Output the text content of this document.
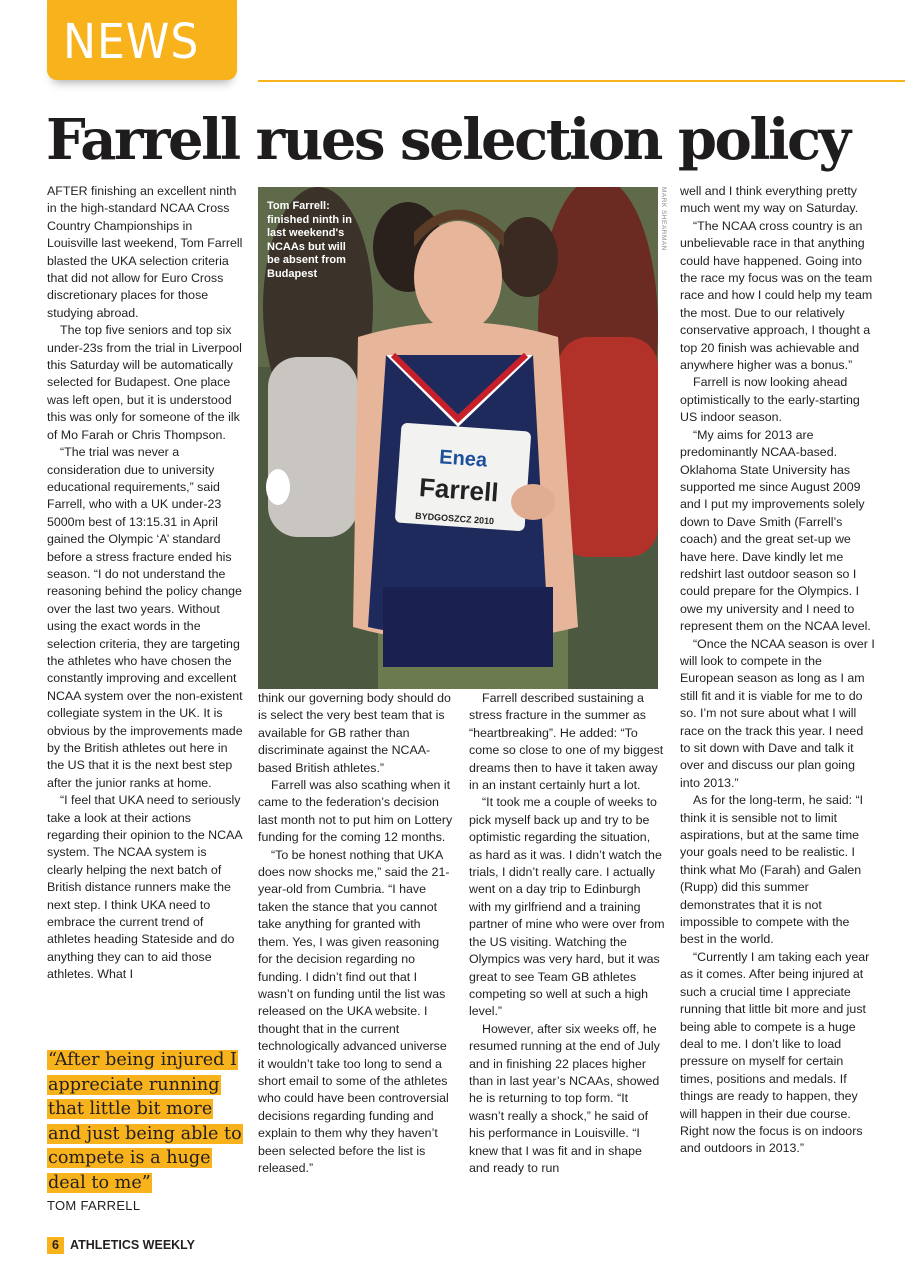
NEWS
Farrell rues selection policy

AFTER finishing an excellent ninth in the high-standard NCAA Cross Country Championships in Louisville last weekend, Tom Farrell blasted the UKA selection criteria that did not allow for Euro Cross discretionary places for those studying abroad.

The top five seniors and top six under-23s from the trial in Liverpool this Saturday will be automatically selected for Budapest. One place was left open, but it is understood this was only for someone of the ilk of Mo Farah or Chris Thompson.

“The trial was never a consideration due to university educational requirements,” said Farrell, who with a UK under-23 5000m best of 13:15.31 in April gained the Olympic ‘A’ standard before a stress fracture ended his season. “I do not understand the reasoning behind the policy change over the last two years. Without using the exact words in the selection criteria, they are targeting the athletes who have chosen the constantly improving and excellent NCAA system over the non-existent collegiate system in the UK. It is obvious by the improvements made by the British athletes out here in the US that it is the next best step after the junior ranks at home.

“I feel that UKA need to seriously take a look at their actions regarding their opinion to the NCAA system. The NCAA system is clearly helping the next batch of British distance runners make the next step. I think UKA need to embrace the current trend of athletes heading Stateside and do anything they can to aid those athletes. What I

Enea
Farrell
BYDGOSZCZ 2010
Tom Farrell: finished ninth in last weekend's NCAAs but will be absent from Budapest
MARK SHEARMAN

think our governing body should do is select the very best team that is available for GB rather than discriminate against the NCAA-based British athletes.”

Farrell was also scathing when it came to the federation’s decision last month not to put him on Lottery funding for the coming 12 months.

“To be honest nothing that UKA does now shocks me,” said the 21-year-old from Cumbria. “I have taken the stance that you cannot take anything for granted with them. Yes, I was given reasoning for the decision regarding no funding. I didn’t find out that I wasn’t on funding until the list was released on the UKA website. I thought that in the current technologically advanced universe it wouldn’t take too long to send a short email to some of the athletes who could have been controversial decisions regarding funding and explain to them why they haven’t been selected before the list is released.”

Farrell described sustaining a stress fracture in the summer as “heartbreaking”. He added: “To come so close to one of my biggest dreams then to have it taken away in an instant certainly hurt a lot.

“It took me a couple of weeks to pick myself back up and try to be optimistic regarding the situation, as hard as it was. I didn’t watch the trials, I didn’t really care. I actually went on a day trip to Edinburgh with my girlfriend and a training partner of mine who were over from the US visiting. Watching the Olympics was very hard, but it was great to see Team GB athletes competing so well at such a high level.”

However, after six weeks off, he resumed running at the end of July and in finishing 22 places higher than in last year’s NCAAs, showed he is returning to top form. “It wasn’t really a shock,” he said of his performance in Louisville. “I knew that I was fit and in shape and ready to run

well and I think everything pretty much went my way on Saturday.

“The NCAA cross country is an unbelievable race in that anything could have happened. Going into the race my focus was on the team race and how I could help my team the most. Due to our relatively conservative approach, I thought a top 20 finish was achievable and anywhere higher was a bonus.”

Farrell is now looking ahead optimistically to the early-starting US indoor season.

“My aims for 2013 are predominantly NCAA-based. Oklahoma State University has supported me since August 2009 and I put my improvements solely down to Dave Smith (Farrell’s coach) and the great set-up we have here. Dave kindly let me redshirt last outdoor season so I could prepare for the Olympics. I owe my university and I need to represent them on the NCAA level.

“Once the NCAA season is over I will look to compete in the European season as long as I am still fit and it is viable for me to do so. I’m not sure about what I will race on the track this year. I need to sit down with Dave and talk it over and discuss our plan going into 2013.”

As for the long-term, he said: “I think it is sensible not to limit aspirations, but at the same time your goals need to be realistic. I think what Mo (Farah) and Galen (Rupp) did this summer demonstrates that it is not impossible to compete with the best in the world.

“Currently I am taking each year as it comes. After being injured at such a crucial time I appreciate running that little bit more and just being able to compete is a huge deal to me. I don’t like to load pressure on myself for certain times, positions and medals. If things are ready to happen, they will happen in their due course. Right now the focus is on indoors and outdoors in 2013.”

“After being injured I appreciate running that little bit more and just being able to compete is a huge deal to me”
TOM FARRELL
6 ATHLETICS WEEKLY
